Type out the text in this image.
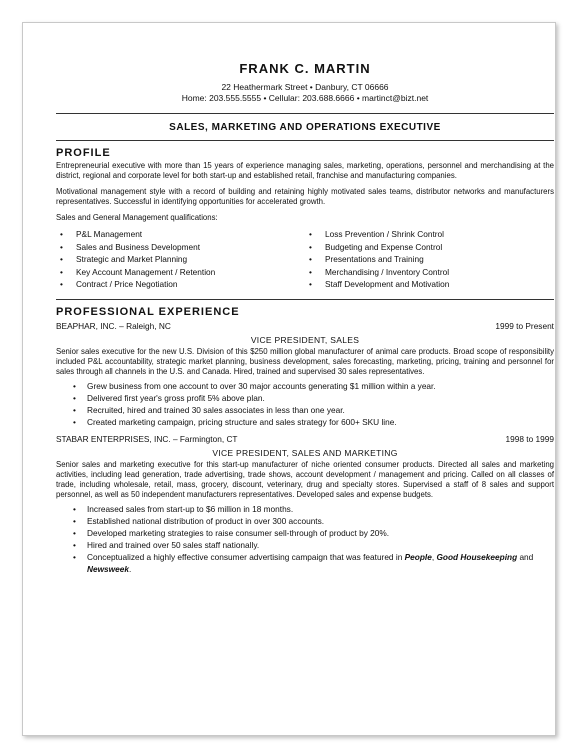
FRANK C. MARTIN
22 Heathermark Street • Danbury, CT 06666
Home: 203.555.5555 • Cellular: 203.688.6666 • martinct@bizt.net
SALES, MARKETING AND OPERATIONS EXECUTIVE
PROFILE
Entrepreneurial executive with more than 15 years of experience managing sales, marketing, operations, personnel and merchandising at the district, regional and corporate level for both start-up and established retail, franchise and manufacturing companies.
Motivational management style with a record of building and retaining highly motivated sales teams, distributor networks and manufacturers representatives. Successful in identifying opportunities for accelerated growth.
Sales and General Management qualifications:
•	P&L Management
•	Sales and Business Development
•	Strategic and Market Planning
•	Key Account Management / Retention
•	Contract / Price Negotiation
•	Loss Prevention / Shrink Control
•	Budgeting and Expense Control
•	Presentations and Training
•	Merchandising / Inventory Control
•	Staff Development and Motivation
PROFESSIONAL EXPERIENCE
BEAPHAR, INC. – Raleigh, NC	1999 to Present
VICE PRESIDENT, SALES
Senior sales executive for the new U.S. Division of this $250 million global manufacturer of animal care products. Broad scope of responsibility included P&L accountability, strategic market planning, business development, sales forecasting, marketing, pricing, training and personnel for sales through all channels in the U.S. and Canada. Hired, trained and supervised 30 sales representatives.
•	Grew business from one account to over 30 major accounts generating $1 million within a year.
•	Delivered first year's gross profit 5% above plan.
•	Recruited, hired and trained 30 sales associates in less than one year.
•	Created marketing campaign, pricing structure and sales strategy for 600+ SKU line.
STABAR ENTERPRISES, INC. – Farmington, CT	1998 to 1999
VICE PRESIDENT, SALES AND MARKETING
Senior sales and marketing executive for this start-up manufacturer of niche oriented consumer products. Directed all sales and marketing activities, including lead generation, trade advertising, trade shows, account development / management and pricing. Called on all classes of trade, including wholesale, retail, mass, grocery, discount, veterinary, drug and specialty stores. Supervised a staff of 8 sales and support personnel, as well as 50 independent manufacturers representatives. Developed sales and expense budgets.
•	Increased sales from start-up to $6 million in 18 months.
•	Established national distribution of product in over 300 accounts.
•	Developed marketing strategies to raise consumer sell-through of product by 20%.
•	Hired and trained over 50 sales staff nationally.
•	Conceptualized a highly effective consumer advertising campaign that was featured in People, Good Housekeeping and Newsweek.
